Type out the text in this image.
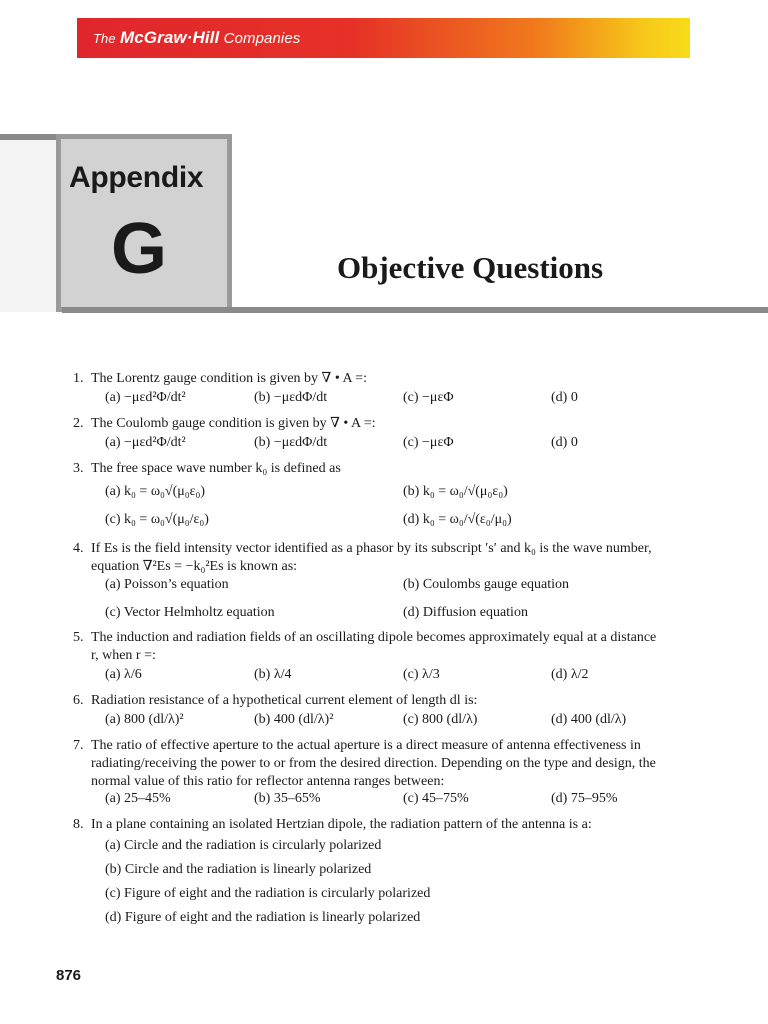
The McGraw·Hill Companies
Appendix
G	Objective Questions
1. The Lorentz gauge condition is given by ∇ • A =:
(a) −μεd²Φ/dt²	(b) −μεdΦ/dt	(c) −μεΦ	(d) 0
2. The Coulomb gauge condition is given by ∇ • A =:
(a) −μεd²Φ/dt²	(b) −μεdΦ/dt	(c) −μεΦ	(d) 0
3. The free space wave number k₀ is defined as
(a) k₀ = ω₀√(μ₀ε₀)	(b) k₀ = ω₀/√(μ₀ε₀)
(c) k₀ = ω₀√(μ₀/ε₀)	(d) k₀ = ω₀/√(ε₀/μ₀)
4. If Es is the field intensity vector identified as a phasor by its subscript ′s′ and k₀ is the wave number,
equation ∇²Es = −k₀²Es is known as:
(a) Poisson’s equation	(b) Coulombs gauge equation
(c) Vector Helmholtz equation	(d) Diffusion equation
5. The induction and radiation fields of an oscillating dipole becomes approximately equal at a distance
r, when r =:
(a) λ/6	(b) λ/4	(c) λ/3	(d) λ/2
6. Radiation resistance of a hypothetical current element of length dl is:
(a) 800 (dl/λ)²	(b) 400 (dl/λ)²	(c) 800 (dl/λ)	(d) 400 (dl/λ)
7. The ratio of effective aperture to the actual aperture is a direct measure of antenna effectiveness in
radiating/receiving the power to or from the desired direction. Depending on the type and design, the
normal value of this ratio for reflector antenna ranges between:
(a) 25–45%	(b) 35–65%	(c) 45–75%	(d) 75–95%
8. In a plane containing an isolated Hertzian dipole, the radiation pattern of the antenna is a:
(a) Circle and the radiation is circularly polarized
(b) Circle and the radiation is linearly polarized
(c) Figure of eight and the radiation is circularly polarized
(d) Figure of eight and the radiation is linearly polarized
876
